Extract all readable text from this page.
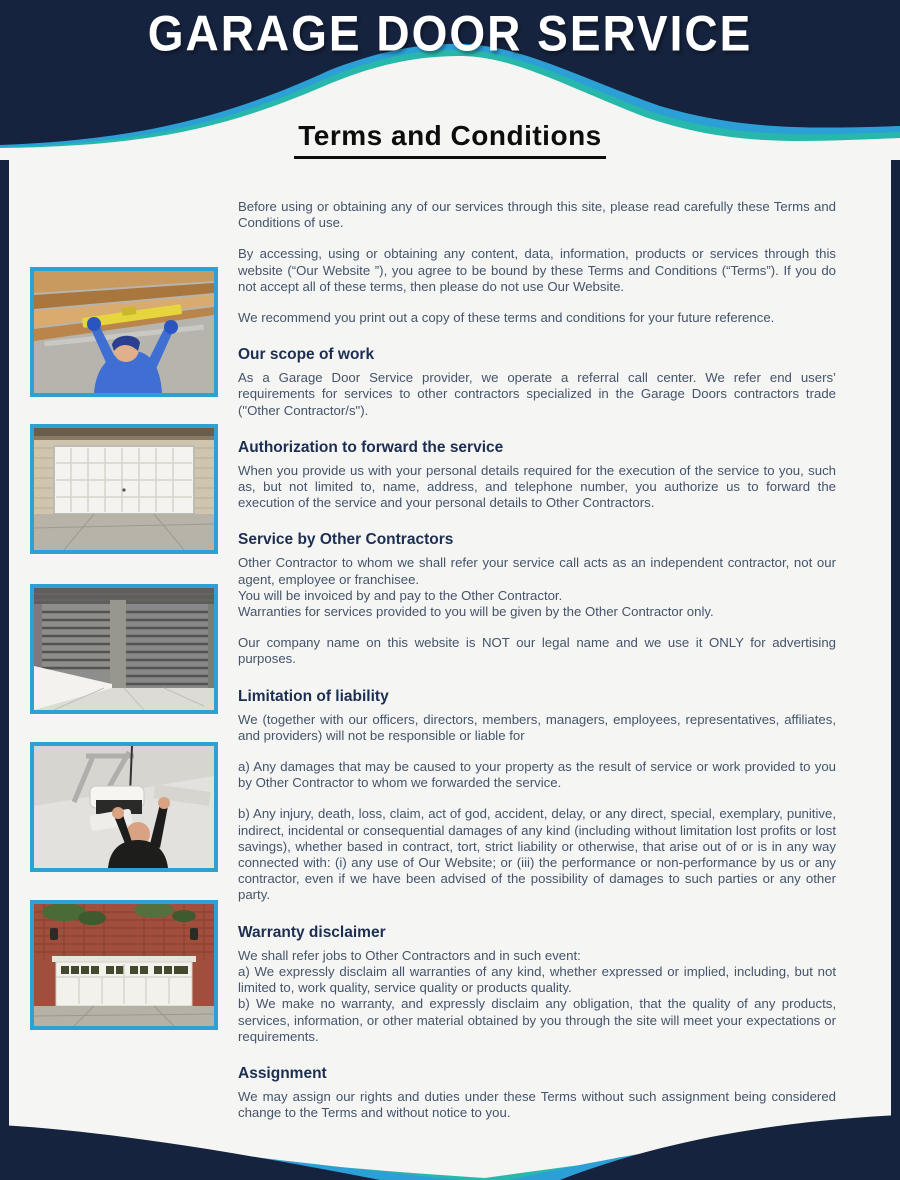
GARAGE DOOR SERVICE
Terms and Conditions
Before using or obtaining any of our services through this site, please read carefully these Terms and Conditions of use.
By accessing, using or obtaining any content, data, information, products or services through this website (“Our Website ”), you agree to be bound by these Terms and Conditions (“Terms”). If you do not accept all of these terms, then please do not use Our Website.
We recommend you print out a copy of these terms and conditions for your future reference.
Our scope of work
As a Garage Door Service provider, we operate a referral call center. We refer end users’ requirements for services to other contractors specialized in the Garage Doors contractors trade ("Other Contractor/s").
Authorization to forward the service
When you provide us with your personal details required for the execution of the service to you, such as, but not limited to, name, address, and telephone number, you authorize us to forward the execution of the service and your personal details to Other Contractors.
Service by Other Contractors
Other Contractor to whom we shall refer your service call acts as an independent contractor, not our agent, employee or franchisee.
You will be invoiced by and pay to the Other Contractor.
Warranties for services provided to you will be given by the Other Contractor only.
Our company name on this website is NOT our legal name and we use it ONLY for advertising purposes.
Limitation of liability
We (together with our officers, directors, members, managers, employees, representatives, affiliates, and providers) will not be responsible or liable for
a) Any damages that may be caused to your property as the result of service or work provided to you by Other Contractor to whom we forwarded the service.
b) Any injury, death, loss, claim, act of god, accident, delay, or any direct, special, exemplary, punitive, indirect, incidental or consequential damages of any kind (including without limitation lost profits or lost savings), whether based in contract, tort, strict liability or otherwise, that arise out of or is in any way connected with: (i) any use of Our Website; or (iii) the performance or non-performance by us or any contractor, even if we have been advised of the possibility of damages to such parties or any other party.
Warranty disclaimer
We shall refer jobs to Other Contractors and in such event:
a) We expressly disclaim all warranties of any kind, whether expressed or implied, including, but not limited to, work quality, service quality or products quality.
b) We make no warranty, and expressly disclaim any obligation, that the quality of any products, services, information, or other material obtained by you through the site will meet your expectations or requirements.
Assignment
We may assign our rights and duties under these Terms without such assignment being considered change to the Terms and without notice to you.
